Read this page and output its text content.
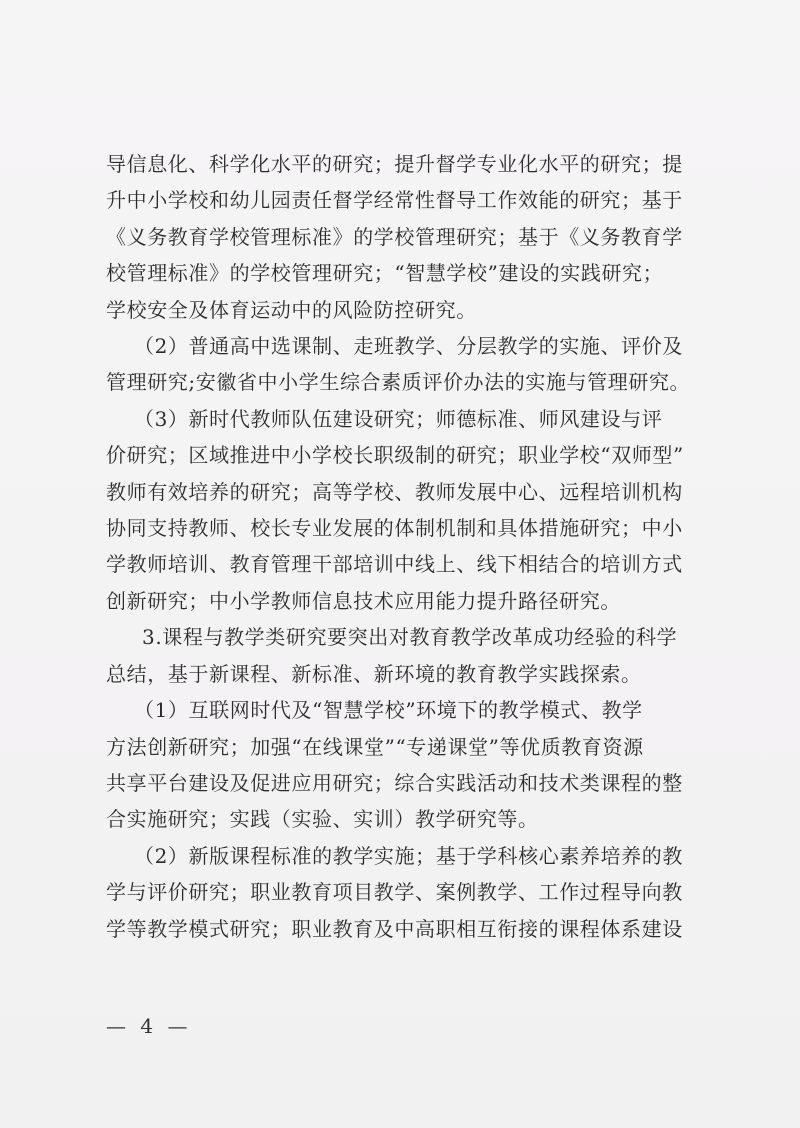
导信息化、科学化水平的研究；提升督学专业化水平的研究；提
升中小学校和幼儿园责任督学经常性督导工作效能的研究；基于
《义务教育学校管理标准》的学校管理研究；基于《义务教育学
校管理标准》的学校管理研究；“智慧学校”建设的实践研究；
学校安全及体育运动中的风险防控研究。

（2）普通高中选课制、走班教学、分层教学的实施、评价及

管理研究;安徽省中小学生综合素质评价办法的实施与管理研究。

（3）新时代教师队伍建设研究；师德标准、师风建设与评

价研究；区域推进中小学校长职级制的研究；职业学校“双师型”
教师有效培养的研究；高等学校、教师发展中心、远程培训机构
协同支持教师、校长专业发展的体制机制和具体措施研究；中小
学教师培训、教育管理干部培训中线上、线下相结合的培训方式
创新研究；中小学教师信息技术应用能力提升路径研究。

3.课程与教学类研究要突出对教育教学改革成功经验的科学

总结，基于新课程、新标准、新环境的教育教学实践探索。

（1）互联网时代及“智慧学校”环境下的教学模式、教学

方法创新研究；加强“在线课堂”“专递课堂”等优质教育资源
共享平台建设及促进应用研究；综合实践活动和技术类课程的整
合实施研究；实践（实验、实训）教学研究等。

（2）新版课程标准的教学实施；基于学科核心素养培养的教

学与评价研究；职业教育项目教学、案例教学、工作过程导向教
学等教学模式研究；职业教育及中高职相互衔接的课程体系建设

— 4 —
